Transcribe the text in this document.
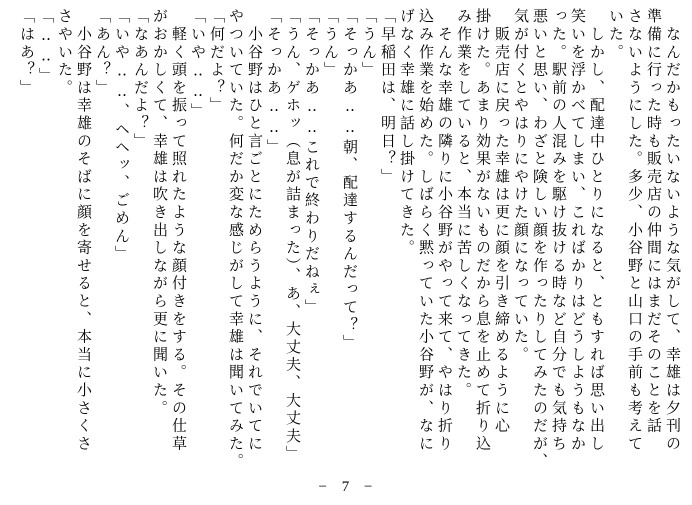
　なんだかもったいないような気がして、幸雄は夕刊の

準備に行った時も販売店の仲間にはまだそのことを話

さないようにした。多少、小谷野と山口の手前も考えて

いた。

　しかし、配達中ひとりになると、ともすれば思い出し

笑いを浮かべてしまい、こればかりはどうしようもなか

った。駅前の人混みを駆け抜ける時など自分でも気持ち

悪いと思い、わざと険しい顔を作ったりしてみたのだが、

気が付くとやはりにやけた顔になっていた。

　販売店に戻った幸雄は更に顔を引き締めるように心

掛けた。あまり効果がないものだから息を止めて折り込

み作業をしていると、本当に苦しくなってきた。

　そんな幸雄の隣りに小谷野がやって来て、やはり折り

込み作業を始めた。しばらく黙っていた小谷野が、なに

げなく幸雄に話し掛けてきた。

「早稲田は、明日？」

「うん」

「そっかあ‥‥朝、配達するんだって？」

「うん」

「そっかあ‥‥これで終わりだねぇ」

「うん、ゲホッ（息が詰まった）、あ、大丈夫、大丈夫」

「そっかあ‥‥」

　小谷野はひと言ごとにためらうように、それでいてに

やついていた。何だか変な感じがして幸雄は聞いてみた。

「何だよ？」

「いや‥‥」

　軽く頭を振って照れたような顔付きをする。その仕草

がおかしくて、幸雄は吹き出しながら更に聞いた。

「なあんだよ？」

「いや‥‥、ヘヘッ、ごめん」

「あん？」

　小谷野は幸雄のそばに顔を寄せると、本当に小さくさ

さやいた。

「‥‥」

「はあ？」

− 7 −
